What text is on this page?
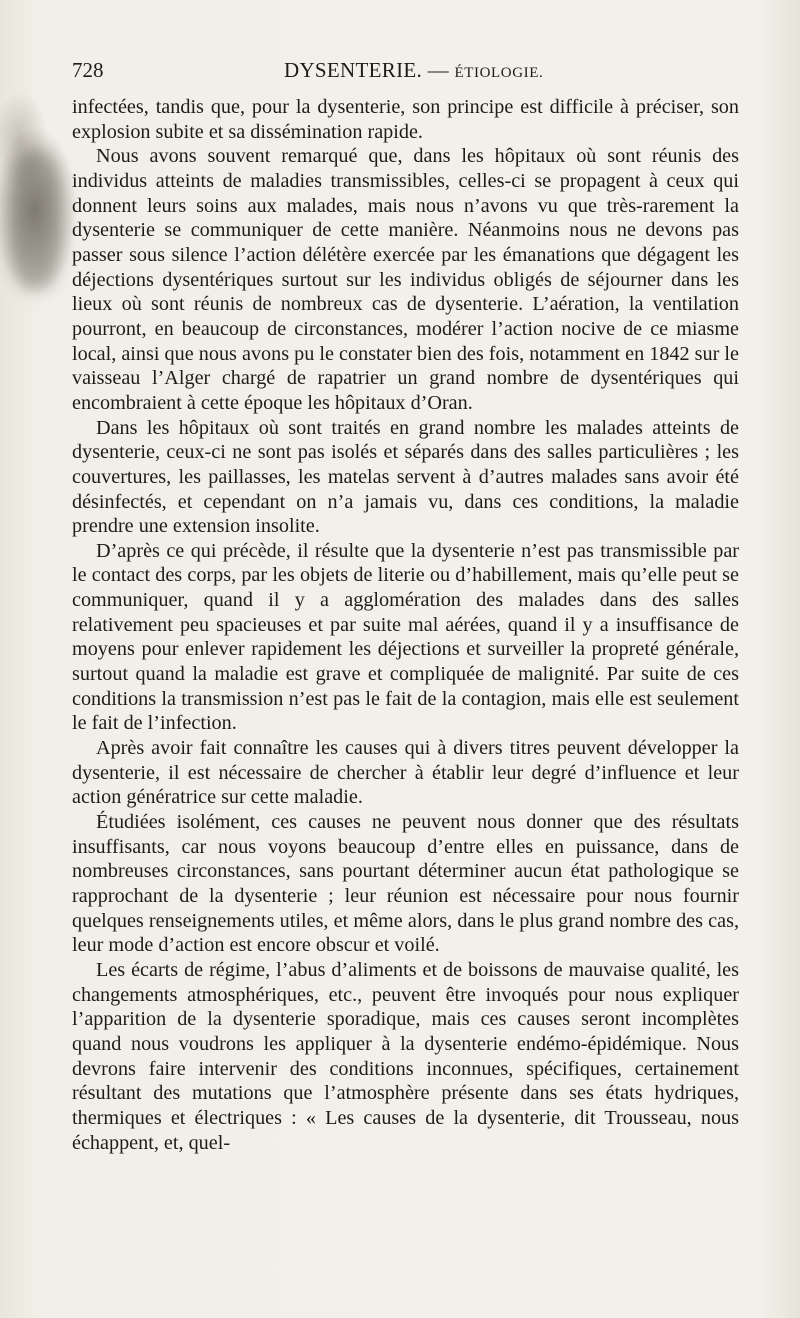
728	DYSENTERIE. — ÉTIOLOGIE.

infectées, tandis que, pour la dysenterie, son principe est difficile à préciser, son explosion subite et sa dissémination rapide.

Nous avons souvent remarqué que, dans les hôpitaux où sont réunis des individus atteints de maladies transmissibles, celles-ci se propagent à ceux qui donnent leurs soins aux malades, mais nous n’avons vu que très-rarement la dysenterie se communiquer de cette manière. Néanmoins nous ne devons pas passer sous silence l’action délétère exercée par les émanations que dégagent les déjections dysentériques surtout sur les individus obligés de séjourner dans les lieux où sont réunis de nombreux cas de dysenterie. L’aération, la ventilation pourront, en beaucoup de circonstances, modérer l’action nocive de ce miasme local, ainsi que nous avons pu le constater bien des fois, notamment en 1842 sur le vaisseau l’Alger chargé de rapatrier un grand nombre de dysentériques qui encombraient à cette époque les hôpitaux d’Oran.

Dans les hôpitaux où sont traités en grand nombre les malades atteints de dysenterie, ceux-ci ne sont pas isolés et séparés dans des salles particulières ; les couvertures, les paillasses, les matelas servent à d’autres malades sans avoir été désinfectés, et cependant on n’a jamais vu, dans ces conditions, la maladie prendre une extension insolite.

D’après ce qui précède, il résulte que la dysenterie n’est pas transmissible par le contact des corps, par les objets de literie ou d’habillement, mais qu’elle peut se communiquer, quand il y a agglomération des malades dans des salles relativement peu spacieuses et par suite mal aérées, quand il y a insuffisance de moyens pour enlever rapidement les déjections et surveiller la propreté générale, surtout quand la maladie est grave et compliquée de malignité. Par suite de ces conditions la transmission n’est pas le fait de la contagion, mais elle est seulement le fait de l’infection.

Après avoir fait connaître les causes qui à divers titres peuvent développer la dysenterie, il est nécessaire de chercher à établir leur degré d’influence et leur action génératrice sur cette maladie.

Étudiées isolément, ces causes ne peuvent nous donner que des résultats insuffisants, car nous voyons beaucoup d’entre elles en puissance, dans de nombreuses circonstances, sans pourtant déterminer aucun état pathologique se rapprochant de la dysenterie ; leur réunion est nécessaire pour nous fournir quelques renseignements utiles, et même alors, dans le plus grand nombre des cas, leur mode d’action est encore obscur et voilé.

Les écarts de régime, l’abus d’aliments et de boissons de mauvaise qualité, les changements atmosphériques, etc., peuvent être invoqués pour nous expliquer l’apparition de la dysenterie sporadique, mais ces causes seront incomplètes quand nous voudrons les appliquer à la dysenterie endémo-épidémique. Nous devrons faire intervenir des conditions inconnues, spécifiques, certainement résultant des mutations que l’atmosphère présente dans ses états hydriques, thermiques et électriques : « Les causes de la dysenterie, dit Trousseau, nous échappent, et, quel-
